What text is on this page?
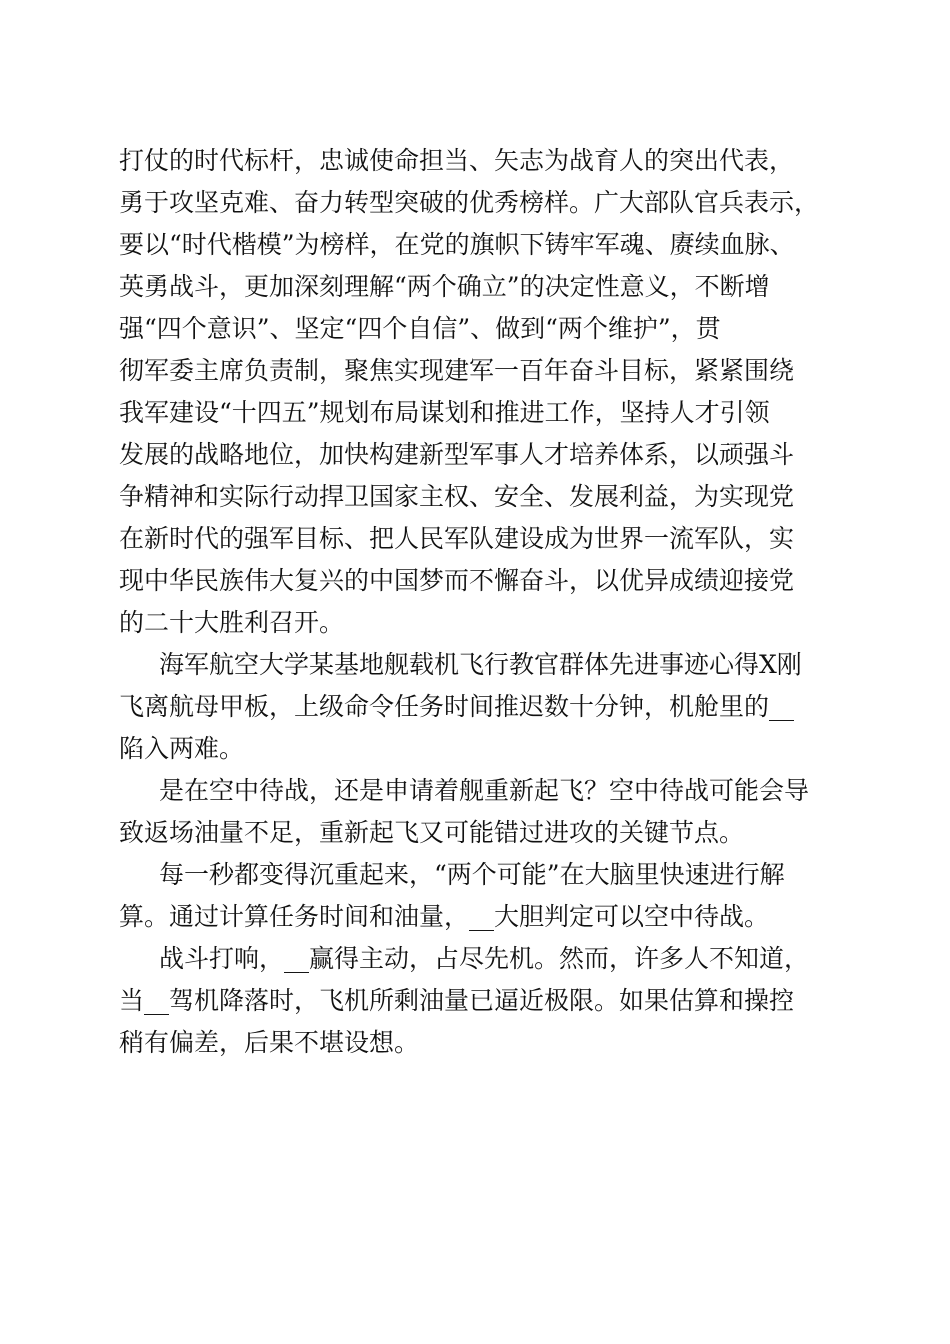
打仗的时代标杆，忠诚使命担当、矢志为战育人的突出代表，
勇于攻坚克难、奋力转型突破的优秀榜样。广大部队官兵表示，
要以“时代楷模”为榜样，在党的旗帜下铸牢军魂、赓续血脉、
英勇战斗，更加深刻理解“两个确立”的决定性意义，不断增
强“四个意识”、坚定“四个自信”、做到“两个维护”，贯
彻军委主席负责制，聚焦实现建军一百年奋斗目标，紧紧围绕
我军建设“十四五”规划布局谋划和推进工作，坚持人才引领
发展的战略地位，加快构建新型军事人才培养体系，以顽强斗
争精神和实际行动捍卫国家主权、安全、发展利益，为实现党
在新时代的强军目标、把人民军队建设成为世界一流军队，实
现中华民族伟大复兴的中国梦而不懈奋斗，以优异成绩迎接党
的二十大胜利召开。
海军航空大学某基地舰载机飞行教官群体先进事迹心得X刚
飞离航母甲板，上级命令任务时间推迟数十分钟，机舱里的__
陷入两难。
是在空中待战，还是申请着舰重新起飞？空中待战可能会导
致返场油量不足，重新起飞又可能错过进攻的关键节点。
每一秒都变得沉重起来，“两个可能”在大脑里快速进行解
算。通过计算任务时间和油量，__大胆判定可以空中待战。
战斗打响，__赢得主动，占尽先机。然而，许多人不知道，
当__驾机降落时，飞机所剩油量已逼近极限。如果估算和操控
稍有偏差，后果不堪设想。
